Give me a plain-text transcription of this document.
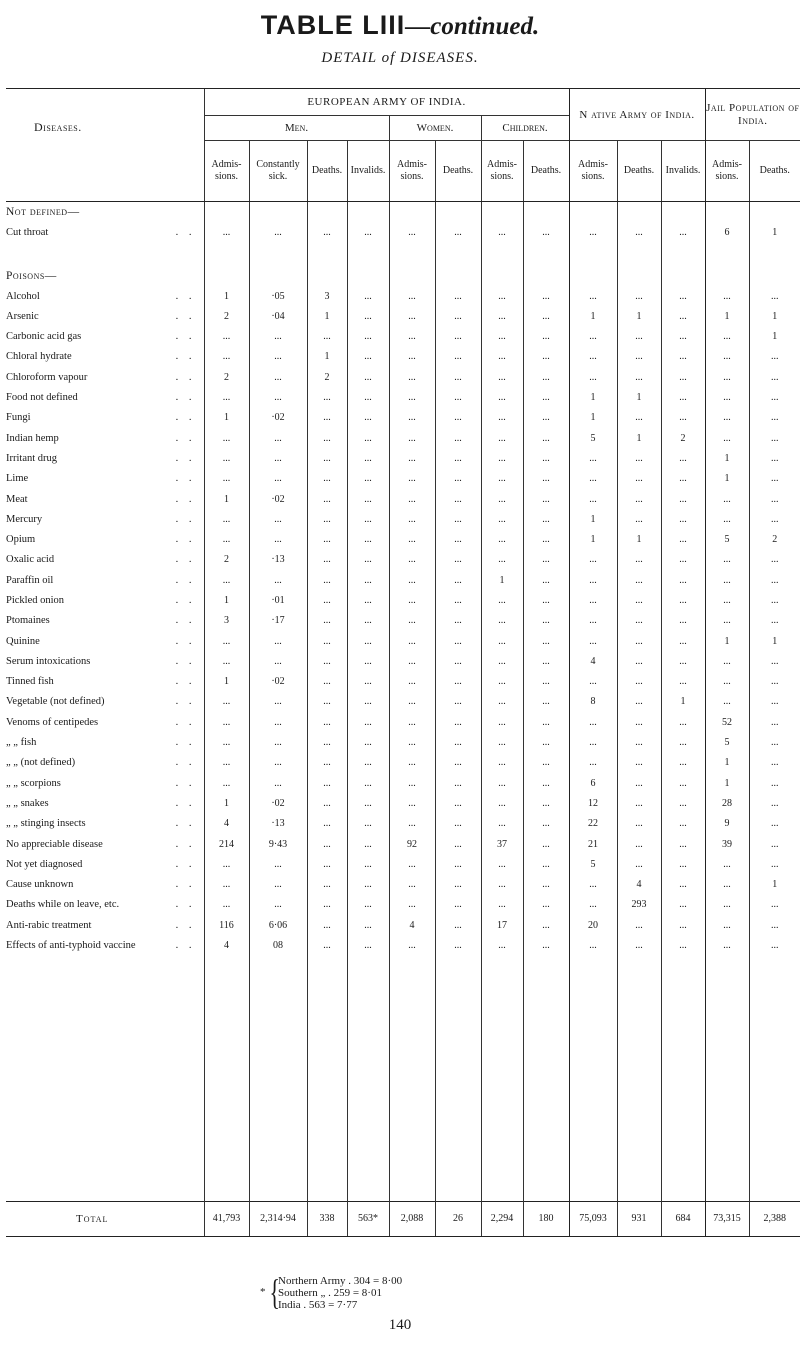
TABLE LIII—continued.
DETAIL of DISEASES.
Diseases.	EUROPEAN ARMY OF INDIA.								N ative Army of India.			Jail Population of India.	
	Men.				Women.		Children.						
	Admis-sions.	Constantly sick.	Deaths.	Invalids.	Admis-sions.	Deaths.	Admis-sions.	Deaths.	Admis-sions.	Deaths.	Invalids.	Admis-sions.	Deaths.
Not defined—													
Cut throat . .	...	...	...	...	...	...	...	...	...	...	...	6	1

Poisons—													
Alcohol . .	1	·05	3	...	...	...	...	...	...	...	...	...	...
Arsenic . .	2	·04	1	...	...	...	...	...	1	1	...	1	1
Carbonic acid gas . .	...	...	...	...	...	...	...	...	...	...	...	...	1
Chloral hydrate . .	...	...	1	...	...	...	...	...	...	...	...	...	...
Chloroform vapour . .	2	...	2	...	...	...	...	...	...	...	...	...	...
Food not defined . .	...	...	...	...	...	...	...	...	1	1	...	...	...
Fungi . .	1	·02	...	...	...	...	...	...	1	...	...	...	...
Indian hemp . .	...	...	...	...	...	...	...	...	5	1	2	...	...
Irritant drug . .	...	...	...	...	...	...	...	...	...	...	...	1	...
Lime . .	...	...	...	...	...	...	...	...	...	...	...	1	...
Meat . .	1	·02	...	...	...	...	...	...	...	...	...	...	...
Mercury . .	...	...	...	...	...	...	...	...	1	...	...	...	...
Opium . .	...	...	...	...	...	...	...	...	1	1	...	5	2
Oxalic acid . .	2	·13	...	...	...	...	...	...	...	...	...	...	...
Paraffin oil . .	...	...	...	...	...	...	1	...	...	...	...	...	...
Pickled onion . .	1	·01	...	...	...	...	...	...	...	...	...	...	...
Ptomaines . .	3	·17	...	...	...	...	...	...	...	...	...	...	...
Quinine . .	...	...	...	...	...	...	...	...	...	...	...	1	1
Serum intoxications . .	...	...	...	...	...	...	...	...	4	...	...	...	...
Tinned fish . .	1	·02	...	...	...	...	...	...	...	...	...	...	...
Vegetable (not defined) . .	...	...	...	...	...	...	...	...	8	...	1	...	...
Venoms of centipedes . .	...	...	...	...	...	...	...	...	...	...	...	52	...
„ „ fish . .	...	...	...	...	...	...	...	...	...	...	...	5	...
„ „ (not defined) . .	...	...	...	...	...	...	...	...	...	...	...	1	...
„ „ scorpions . .	...	...	...	...	...	...	...	...	6	...	...	1	...
„ „ snakes . .	1	·02	...	...	...	...	...	...	12	...	...	28	...
„ „ stinging insects . .	4	·13	...	...	...	...	...	...	22	...	...	9	...
No appreciable disease . .	214	9·43	...	...	92	...	37	...	21	...	...	39	...
Not yet diagnosed . .	...	...	...	...	...	...	...	...	5	...	...	...	...
Cause unknown . .	...	...	...	...	...	...	...	...	...	4	...	...	1
Deaths while on leave, etc. . .	...	...	...	...	...	...	...	...	...	293	...	...	...
Anti-rabic treatment . .	116	6·06	...	...	4	...	17	...	20	...	...	...	...
Effects of anti-typhoid vaccine . .	4	08	...	...	...	...	...	...	...	...	...	...	...

Total	41,793	2,314·94	338	563*	2,088	26	2,294	180	75,093	931	684	73,315	2,388
* {
Northern Army . 304 = 8·00
Southern „ . 259 = 8·01
India . 563 = 7·77
140
